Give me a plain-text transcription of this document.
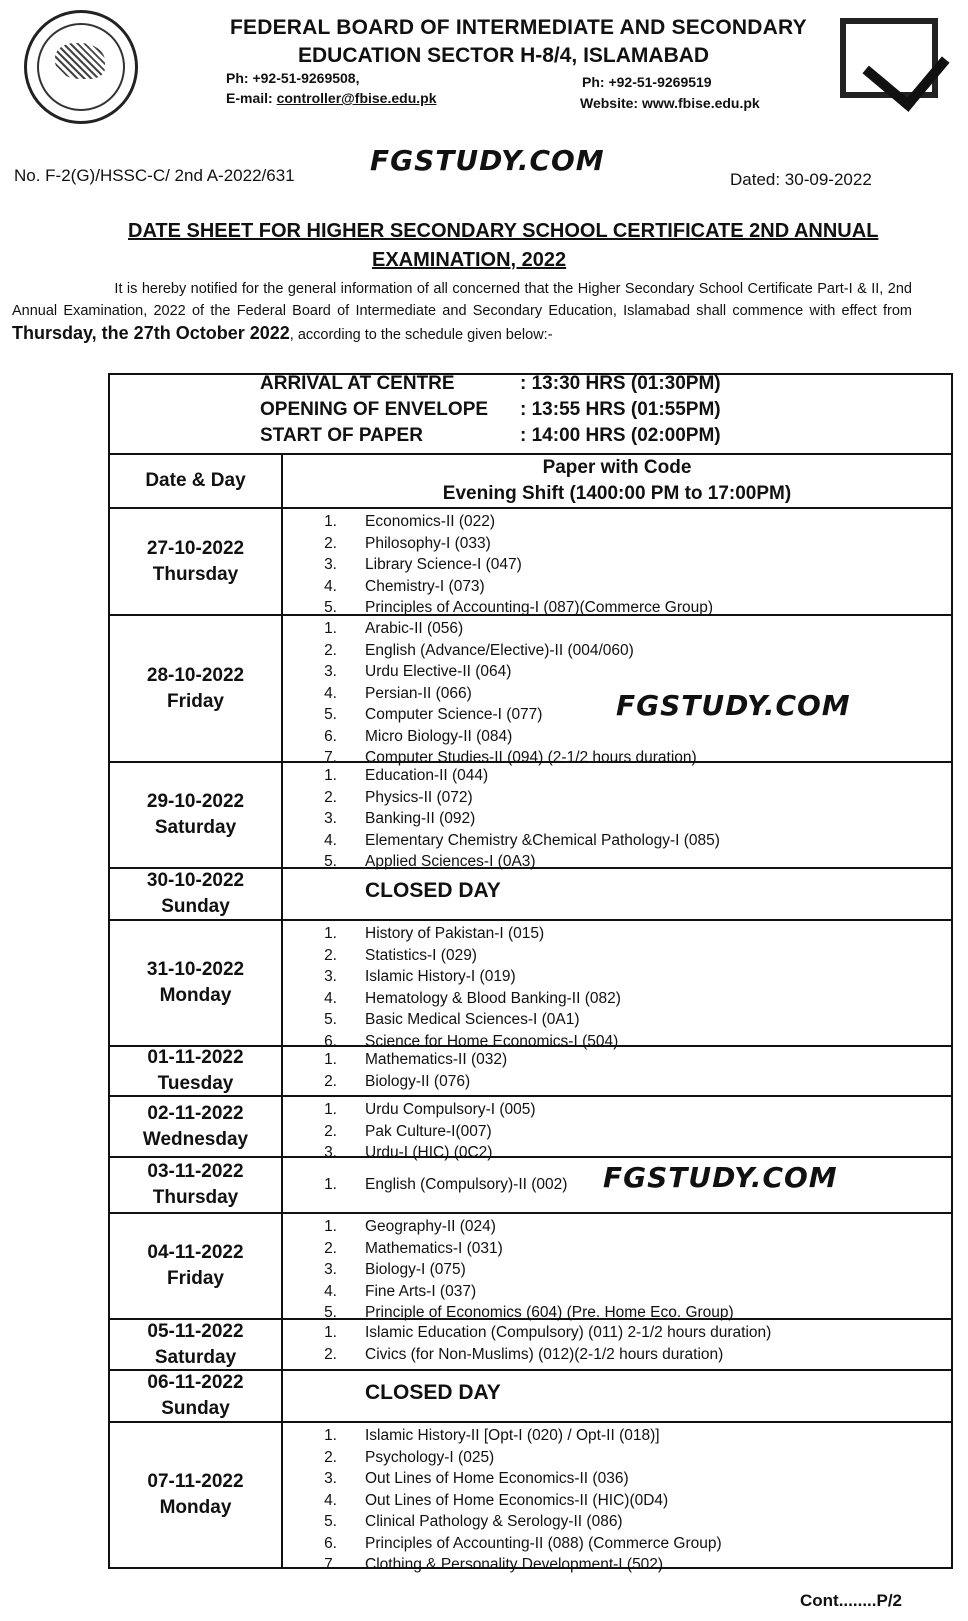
FEDERAL BOARD OF INTERMEDIATE AND SECONDARY
EDUCATION SECTOR H-8/4, ISLAMABAD
Ph: +92-51-9269508,
E-mail: controller@fbise.edu.pk
Ph: +92-51-9269519
Website: www.fbise.edu.pk
No. F-2(G)/HSSC-C/ 2nd A-2022/631	FGSTUDY.COM
Dated: 30-09-2022
DATE SHEET FOR HIGHER SECONDARY SCHOOL CERTIFICATE 2ND ANNUAL
EXAMINATION, 2022
It is hereby notified for the general information of all concerned that the Higher Secondary School Certificate Part-I & II, 2nd Annual Examination, 2022 of the Federal Board of Intermediate and Secondary Education, Islamabad shall commence with effect from Thursday, the 27th October 2022, according to the schedule given below:-
ARRIVAL AT CENTRE	: 13:30 HRS (01:30PM)
OPENING OF ENVELOPE : 13:55 HRS (01:55PM)
START OF PAPER	: 14:00 HRS (02:00PM)
Date & Day
Paper with Code
Evening Shift (1400:00 PM to 17:00PM)
27-10-2022
Thursday
1.	Economics-II (022)
2.	Philosophy-I (033)
3.	Library Science-I (047)
4.	Chemistry-I (073)
5.	Principles of Accounting-I (087)(Commerce Group)
28-10-2022
Friday
1.	Arabic-II (056)
2.	English (Advance/Elective)-II (004/060)
3.	Urdu Elective-II (064)
4.	Persian-II (066)
5.	Computer Science-I (077)
6.	Micro Biology-II (084)
7.	Computer Studies-II (094) (2-1/2 hours duration)
29-10-2022
Saturday
1.	Education-II (044)
2.	Physics-II (072)
3.	Banking-II (092)
4.	Elementary Chemistry &Chemical Pathology-I (085)
5.	Applied Sciences-I (0A3)
30-10-2022
Sunday
CLOSED DAY
31-10-2022
Monday
1.	History of Pakistan-I (015)
2.	Statistics-I (029)
3.	Islamic History-I (019)
4.	Hematology & Blood Banking-II (082)
5.	Basic Medical Sciences-I (0A1)
6.	Science for Home Economics-I (504)
01-11-2022
Tuesday
1.	Mathematics-II (032)
2.	Biology-II (076)
02-11-2022
Wednesday
1.	Urdu Compulsory-I (005)
2.	Pak Culture-I(007)
3.	Urdu-I (HIC) (0C2)
03-11-2022
Thursday
1.	English (Compulsory)-II (002)
04-11-2022
Friday
1.	Geography-II (024)
2.	Mathematics-I (031)
3.	Biology-I (075)
4.	Fine Arts-I (037)
5.	Principle of Economics (604) (Pre. Home Eco. Group)
05-11-2022
Saturday
1.	Islamic Education (Compulsory) (011) 2-1/2 hours duration)
2.	Civics (for Non-Muslims) (012)(2-1/2 hours duration)
06-11-2022
Sunday
CLOSED DAY
07-11-2022
Monday
1.	Islamic History-II [Opt-I (020) / Opt-II (018)]
2.	Psychology-I (025)
3.	Out Lines of Home Economics-II (036)
4.	Out Lines of Home Economics-II (HIC)(0D4)
5.	Clinical Pathology & Serology-II (086)
6.	Principles of Accounting-II (088) (Commerce Group)
7.	Clothing & Personality Development-I (502)
Cont........P/2
FGSTUDY.COM
FGSTUDY.COM
